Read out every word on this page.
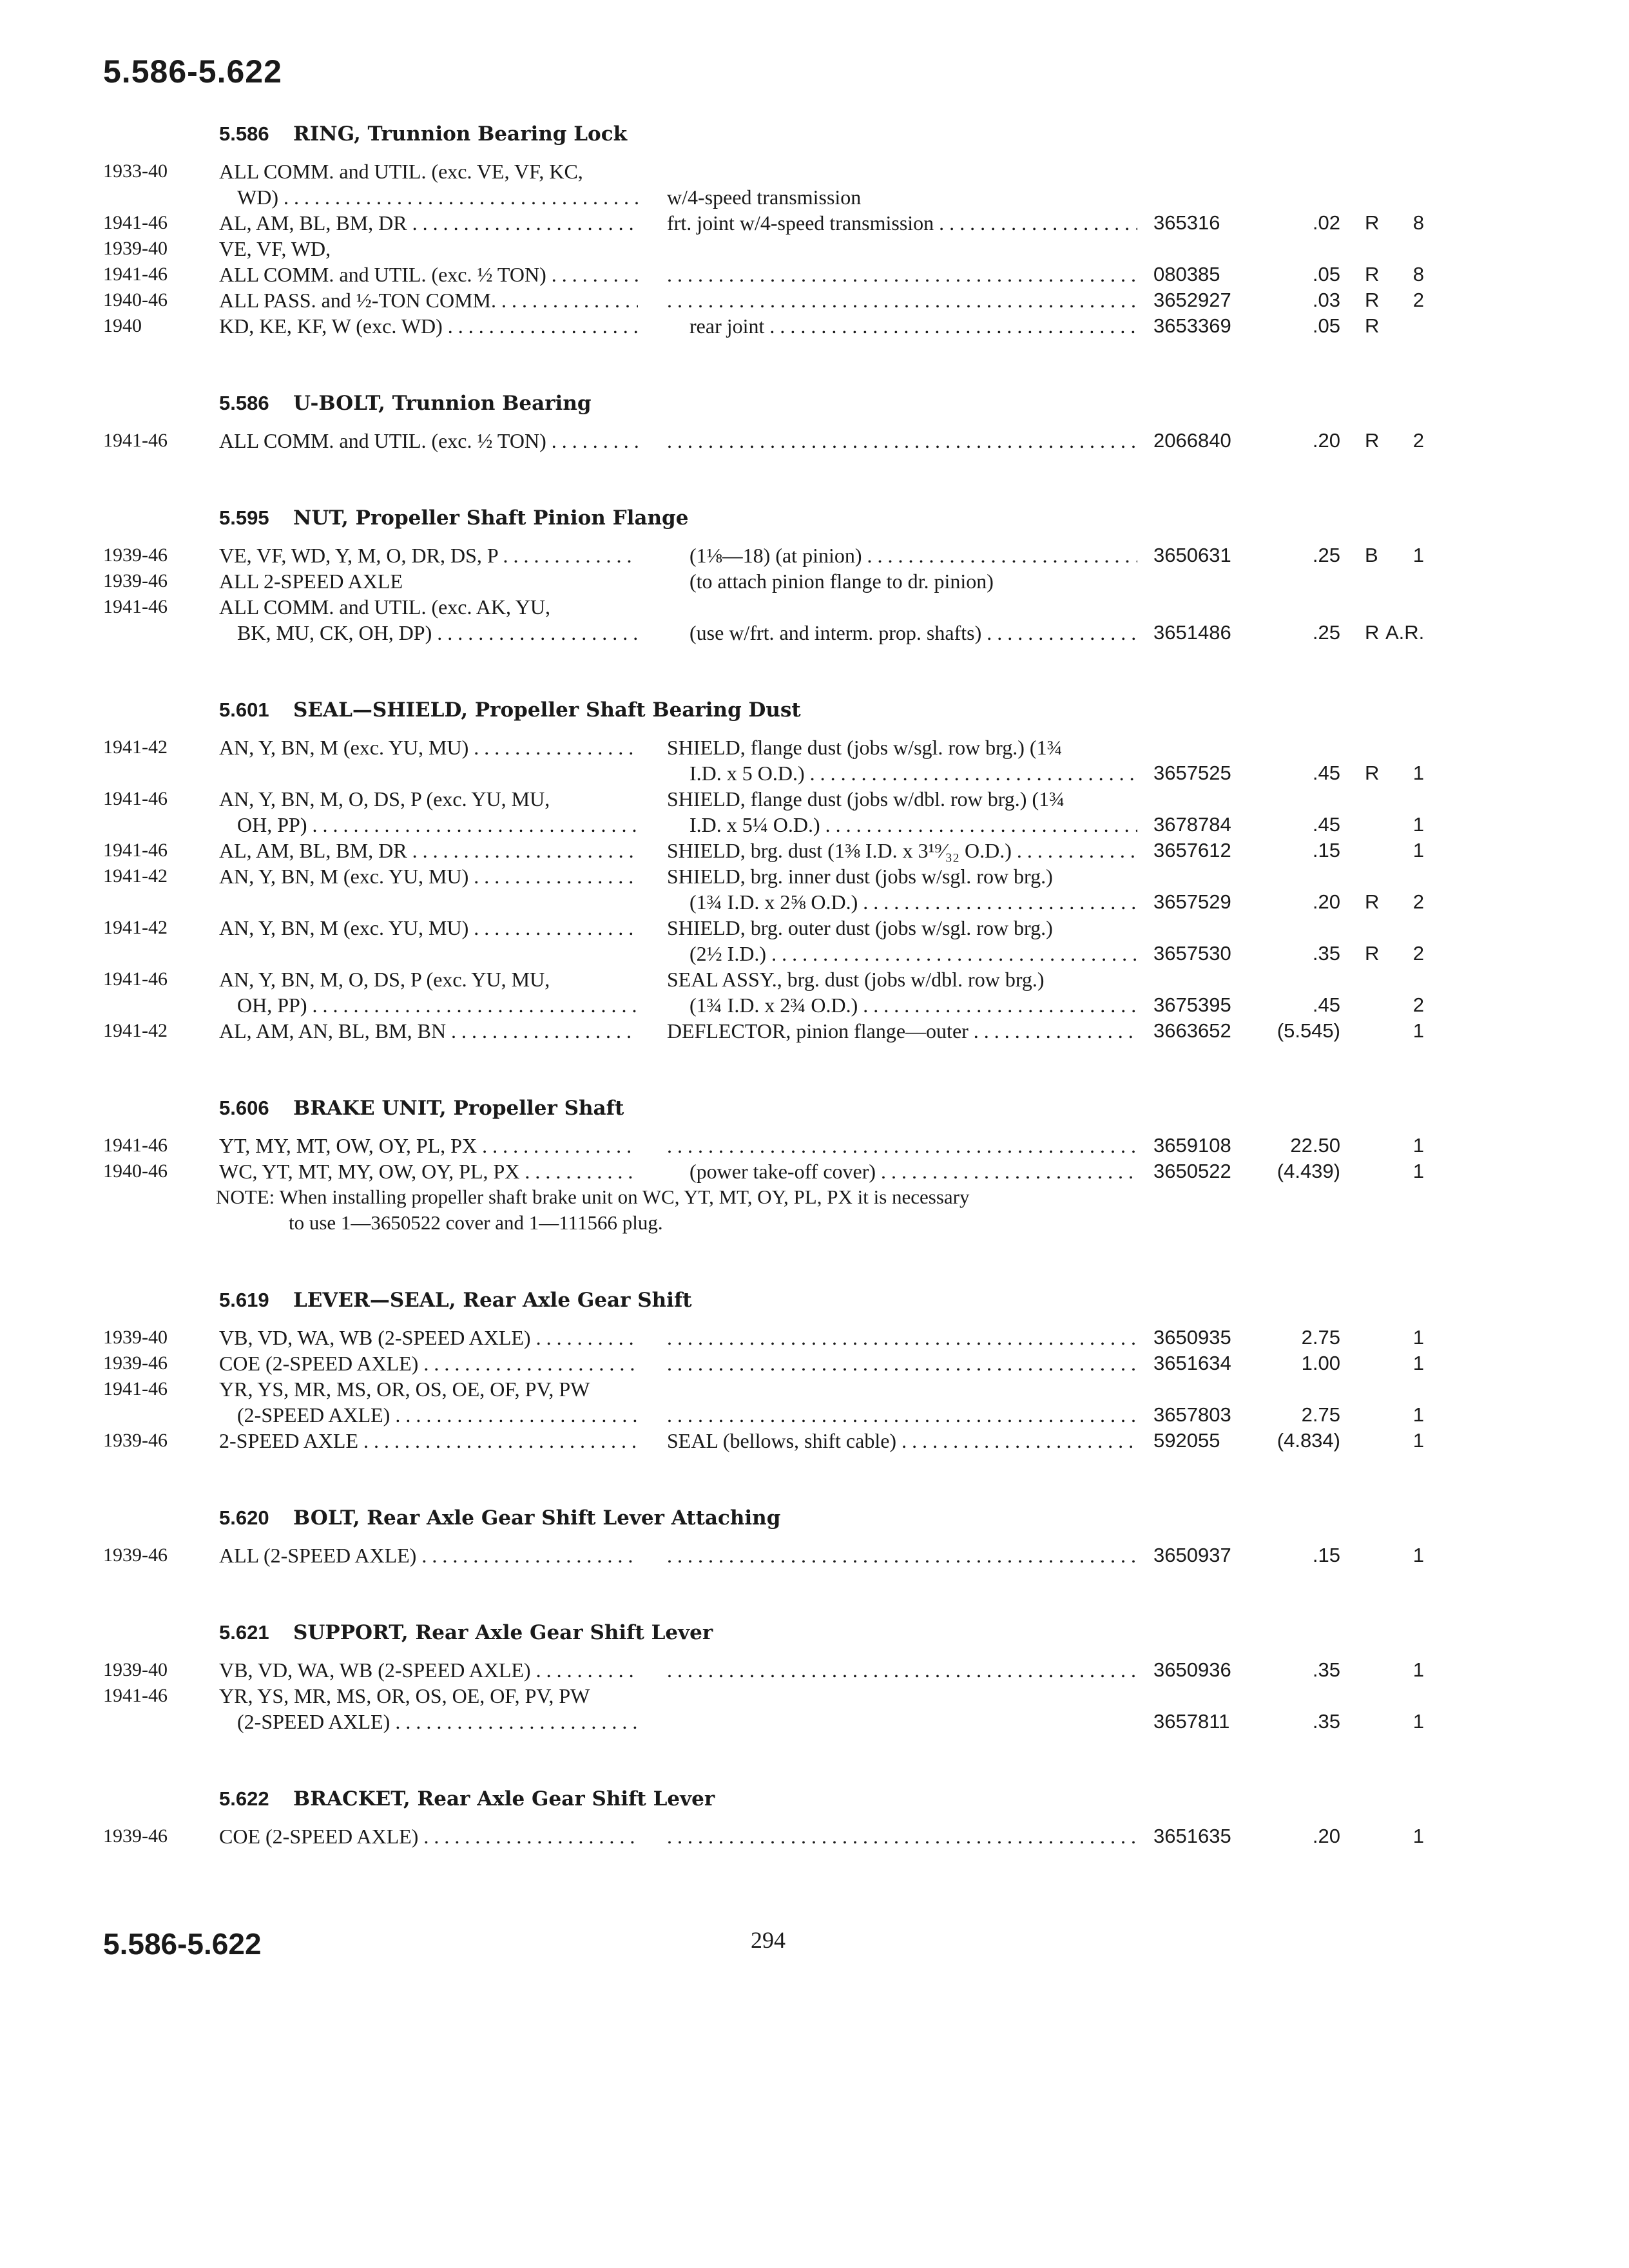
5.586-5.622
5.586 RING, Trunnion Bearing Lock
1933-40	ALL COMM. and UTIL. (exc. VE, VF, KC,
WD) . . .	w/4-speed transmission
1941-46	AL, AM, BL, BM, DR . . .	frt. joint w/4-speed transmission . . .	365316	.02 R	8
1939-40	VE, VF, WD,
1941-46	ALL COMM. and UTIL. (exc. ½ TON) . . . . . .	080385	.05 R	8
1940-46	ALL PASS. and ½-TON COMM. . . . . . .	3652927	.03 R	2
1940	KD, KE, KF, W (exc. WD) . . .	rear joint . . .	3653369	.05 R
5.586 U-BOLT, Trunnion Bearing
1941-46	ALL COMM. and UTIL. (exc. ½ TON) . . . . . .	2066840	.20 R	2
5.595 NUT, Propeller Shaft Pinion Flange
1939-46	VE, VF, WD, Y, M, O, DR, DS, P . . .	(1⅛—18) (at pinion) . . .	3650631	.25 B	1
1939-46	ALL 2-SPEED AXLE	(to attach pinion flange to dr. pinion)
1941-46	ALL COMM. and UTIL. (exc. AK, YU,
BK, MU, CK, OH, DP) . . .	(use w/frt. and interm. prop. shafts) . . .	3651486	.25 R A.R.
5.601 SEAL—SHIELD, Propeller Shaft Bearing Dust
1941-42	AN, Y, BN, M (exc. YU, MU) . . .	SHIELD, flange dust (jobs w/sgl. row brg.) (1¾
I.D. x 5 O.D.) . . .	3657525	.45 R	1
1941-46	AN, Y, BN, M, O, DS, P (exc. YU, MU,	SHIELD, flange dust (jobs w/dbl. row brg.) (1¾
OH, PP) . . .	I.D. x 5¼ O.D.) . . .	3678784	.45	1
1941-46	AL, AM, BL, BM, DR . . .	SHIELD, brg. dust (1⅜ I.D. x 3¹⁹⁄₃₂ O.D.) . . .	3657612	.15	1
1941-42	AN, Y, BN, M (exc. YU, MU) . . .	SHIELD, brg. inner dust (jobs w/sgl. row brg.)
(1¾ I.D. x 2⅝ O.D.) . . .	3657529	.20 R	2
1941-42	AN, Y, BN, M (exc. YU, MU) . . .	SHIELD, brg. outer dust (jobs w/sgl. row brg.)
(2½ I.D.) . . .	3657530	.35 R	2
1941-46	AN, Y, BN, M, O, DS, P (exc. YU, MU,	SEAL ASSY., brg. dust (jobs w/dbl. row brg.)
OH, PP) . . .	(1¾ I.D. x 2¾ O.D.) . . .	3675395	.45	2
1941-42	AL, AM, AN, BL, BM, BN . . .	DEFLECTOR, pinion flange—outer . . .	3663652	(5.545)	1
5.606 BRAKE UNIT, Propeller Shaft
1941-46	YT, MY, MT, OW, OY, PL, PX . . . . . .	3659108	22.50	1
1940-46	WC, YT, MT, MY, OW, OY, PL, PX . . .	(power take-off cover) . . .	3650522	(4.439)	1
NOTE: When installing propeller shaft brake unit on WC, YT, MT, OY, PL, PX it is necessary
to use 1—3650522 cover and 1—111566 plug.
5.619 LEVER—SEAL, Rear Axle Gear Shift
1939-40	VB, VD, WA, WB (2-SPEED AXLE) . . . . . .	3650935	2.75	1
1939-46	COE (2-SPEED AXLE) . . . . . .	3651634	1.00	1
1941-46	YR, YS, MR, MS, OR, OS, OE, OF, PV, PW
(2-SPEED AXLE) . . . . . .	3657803	2.75	1
1939-46	2-SPEED AXLE . . .	SEAL (bellows, shift cable) . . .	592055	(4.834)	1
5.620 BOLT, Rear Axle Gear Shift Lever Attaching
1939-46	ALL (2-SPEED AXLE) . . . . . .	3650937	.15	1
5.621 SUPPORT, Rear Axle Gear Shift Lever
1939-40	VB, VD, WA, WB (2-SPEED AXLE) . . . . . .	3650936	.35	1
1941-46	YR, YS, MR, MS, OR, OS, OE, OF, PV, PW
(2-SPEED AXLE) . . .	3657811	.35	1
5.622 BRACKET, Rear Axle Gear Shift Lever
1939-46	COE (2-SPEED AXLE) . . . . . .	3651635	.20	1
5.586-5.622	294
